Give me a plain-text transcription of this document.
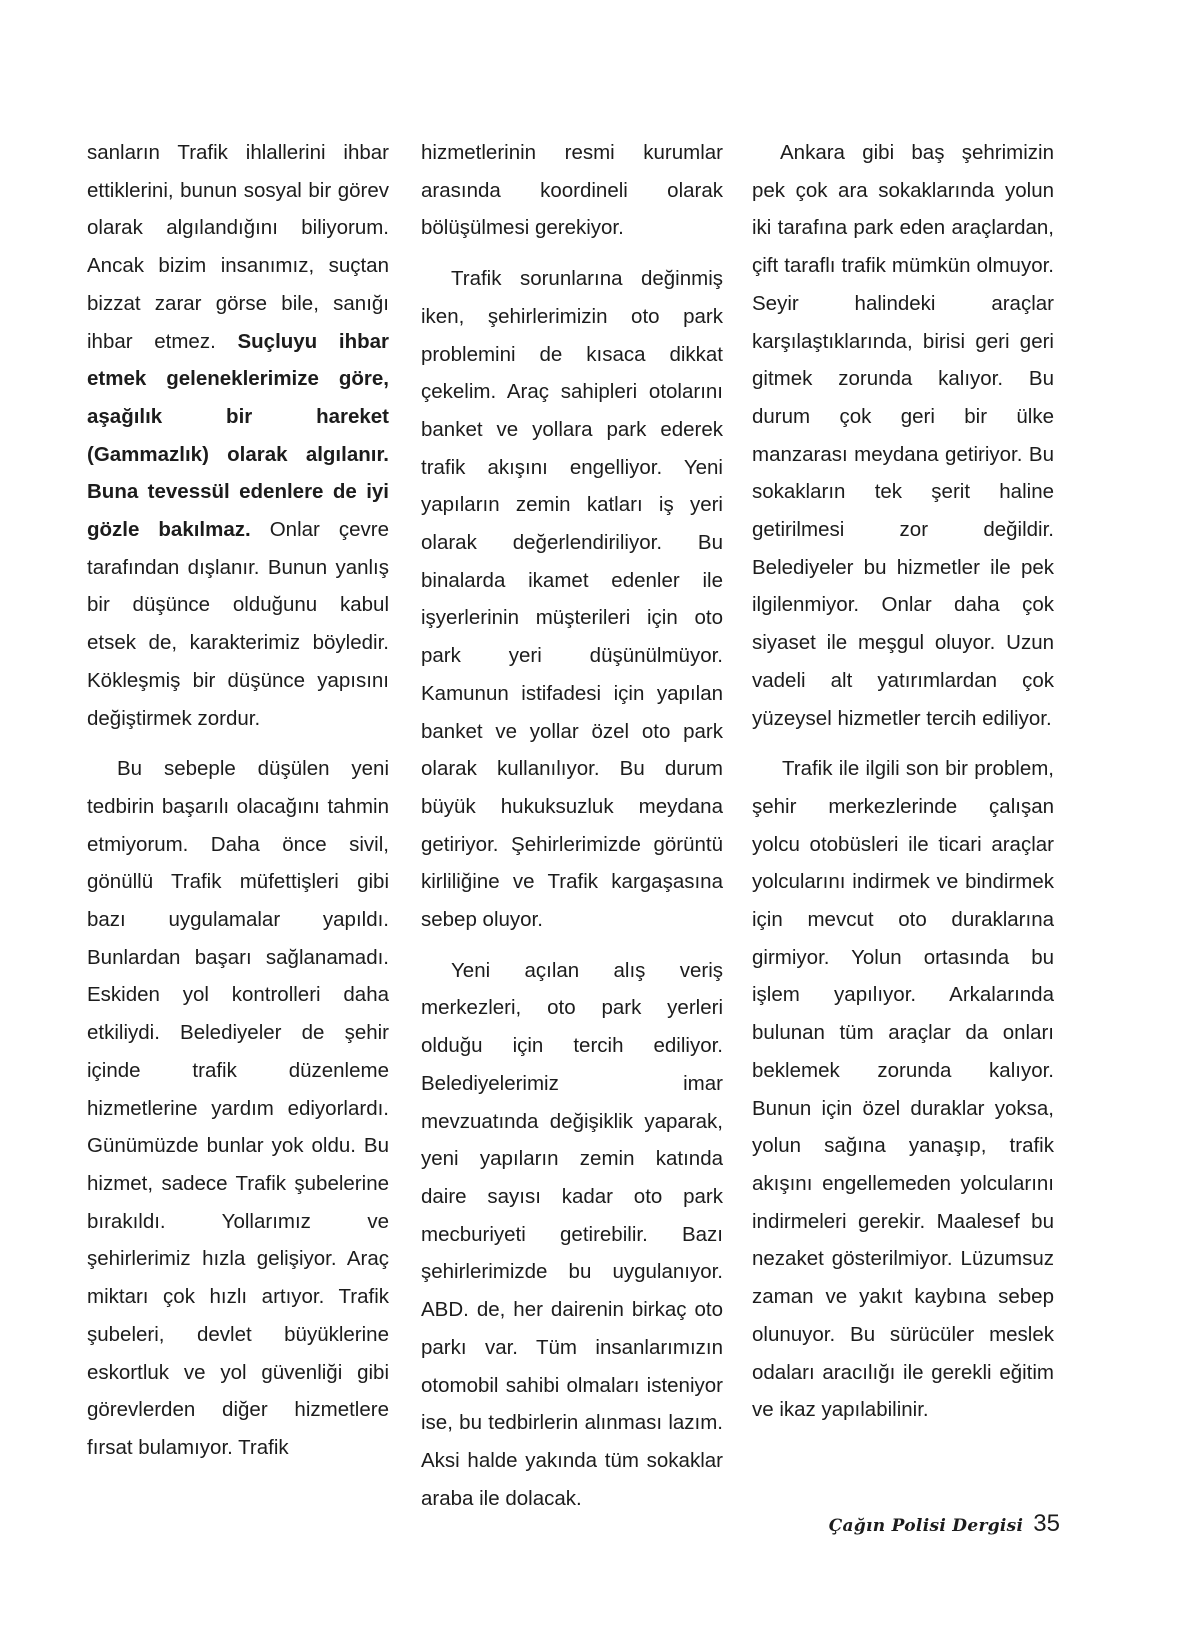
sanların Trafik ihlallerini ihbar ettiklerini, bunun sosyal bir görev olarak algılandığını biliyorum. Ancak bizim insanımız, suçtan bizzat zarar görse bile, sanığı ihbar etmez. Suçluyu ihbar etmek geleneklerimize göre, aşağılık bir hareket (Gammazlık) olarak algılanır. Buna tevessül edenlere de iyi gözle bakılmaz. Onlar çevre tarafından dışlanır. Bunun yanlış bir düşünce olduğunu kabul etsek de, karakterimiz böyledir. Kökleşmiş bir düşünce yapısını değiştirmek zordur.

Bu sebeple düşülen yeni tedbirin başarılı olacağını tahmin etmiyorum. Daha önce sivil, gönüllü Trafik müfettişleri gibi bazı uygulamalar yapıldı. Bunlardan başarı sağlanamadı. Eskiden yol kontrolleri daha etkiliydi. Belediyeler de şehir içinde trafik düzenleme hizmetlerine yardım ediyorlardı. Günümüzde bunlar yok oldu. Bu hizmet, sadece Trafik şubelerine bırakıldı. Yollarımız ve şehirlerimiz hızla gelişiyor. Araç miktarı çok hızlı artıyor. Trafik şubeleri, devlet büyüklerine eskortluk ve yol güvenliği gibi görevlerden diğer hizmetlere fırsat bulamıyor. Trafik

hizmetlerinin resmi kurumlar arasında koordineli olarak bölüşülmesi gerekiyor.

Trafik sorunlarına değinmiş iken, şehirlerimizin oto park problemini de kısaca dikkat çekelim. Araç sahipleri otolarını banket ve yollara park ederek trafik akışını engelliyor. Yeni yapıların zemin katları iş yeri olarak değerlendiriliyor. Bu binalarda ikamet edenler ile işyerlerinin müşterileri için oto park yeri düşünülmüyor. Kamunun istifadesi için yapılan banket ve yollar özel oto park olarak kullanılıyor. Bu durum büyük hukuksuzluk meydana getiriyor. Şehirlerimizde görüntü kirliliğine ve Trafik kargaşasına sebep oluyor.

Yeni açılan alış veriş merkezleri, oto park yerleri olduğu için tercih ediliyor. Belediyelerimiz imar mevzuatında değişiklik yaparak, yeni yapıların zemin katında daire sayısı kadar oto park mecburiyeti getirebilir. Bazı şehirlerimizde bu uygulanıyor. ABD. de, her dairenin birkaç oto parkı var. Tüm insanlarımızın otomobil sahibi olmaları isteniyor ise, bu tedbirlerin alınması lazım. Aksi halde yakında tüm sokaklar araba ile dolacak.

Ankara gibi baş şehrimizin pek çok ara sokaklarında yolun iki tarafına park eden araçlardan, çift taraflı trafik mümkün olmuyor. Seyir halindeki araçlar karşılaştıklarında, birisi geri geri gitmek zorunda kalıyor. Bu durum çok geri bir ülke manzarası meydana getiriyor. Bu sokakların tek şerit haline getirilmesi zor değildir. Belediyeler bu hizmetler ile pek ilgilenmiyor. Onlar daha çok siyaset ile meşgul oluyor. Uzun vadeli alt yatırımlardan çok yüzeysel hizmetler tercih ediliyor.

Trafik ile ilgili son bir problem, şehir merkezlerinde çalışan yolcu otobüsleri ile ticari araçlar yolcularını indirmek ve bindirmek için mevcut oto duraklarına girmiyor. Yolun ortasında bu işlem yapılıyor. Arkalarında bulunan tüm araçlar da onları beklemek zorunda kalıyor. Bunun için özel duraklar yoksa, yolun sağına yanaşıp, trafik akışını engellemeden yolcularını indirmeleri gerekir. Maalesef bu nezaket gösterilmiyor. Lüzumsuz zaman ve yakıt kaybına sebep olunuyor. Bu sürücüler meslek odaları aracılığı ile gerekli eğitim ve ikaz yapılabilinir.

Çağın Polisi Dergisi 35
